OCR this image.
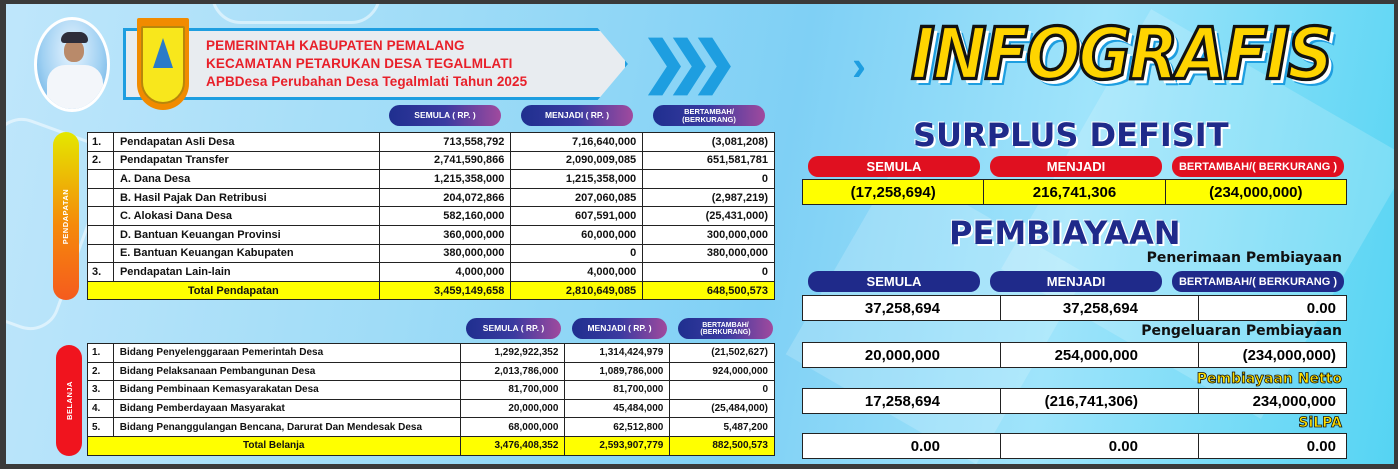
PEMERINTAH KABUPATEN PEMALANG
KECAMATAN PETARUKAN DESA TEGALMLATI
APBDesa Perubahan Desa Tegalmlati Tahun 2025 ❯❯❯	›
SEMULA ( RP. )	MENJADI ( RP. )	BERTAMBAH/ (BERKURANG)
PENDAPATAN
1.	Pendapatan Asli Desa	713,558,792	7,16,640,000	(3,081,208)
2.	Pendapatan Transfer	2,741,590,866	2,090,009,085	651,581,781
	A. Dana Desa	1,215,358,000	1,215,358,000	0
	B. Hasil Pajak Dan Retribusi	204,072,866	207,060,085	(2,987,219)
	C. Alokasi Dana Desa	582,160,000	607,591,000	(25,431,000)
	D. Bantuan Keuangan Provinsi	360,000,000	60,000,000	300,000,000
	E. Bantuan Keuangan Kabupaten	380,000,000	0	380,000,000
3.	Pendapatan Lain-lain	4,000,000	4,000,000	0
Total Pendapatan		3,459,149,658	2,810,649,085	648,500,573
SEMULA ( RP. )	MENJADI ( RP. )	BERTAMBAH/ (BERKURANG)
BELANJA
1.	Bidang Penyelenggaraan Pemerintah Desa	1,292,922,352	1,314,424,979	(21,502,627)
2.	Bidang Pelaksanaan Pembangunan Desa	2,013,786,000	1,089,786,000	924,000,000
3.	Bidang Pembinaan Kemasyarakatan Desa	81,700,000	81,700,000	0
4.	Bidang Pemberdayaan Masyarakat	20,000,000	45,484,000	(25,484,000)
5.	Bidang Penanggulangan Bencana, Darurat Dan Mendesak Desa	68,000,000	62,512,800	5,487,200
Total Belanja		3,476,408,352	2,593,907,779	882,500,573
INFOGRAFIS
SURPLUS DEFISIT
SEMULA	MENJADI	BERTAMBAH/( BERKURANG )
(17,258,694)	216,741,306	(234,000,000)
PEMBIAYAAN
Penerimaan Pembiayaan
SEMULA	MENJADI	BERTAMBAH/( BERKURANG )
37,258,694	37,258,694	0.00
Pengeluaran Pembiayaan
20,000,000	254,000,000	(234,000,000)
Pembiayaan Netto
17,258,694	(216,741,306)	234,000,000
SiLPA
0.00	0.00	0.00
